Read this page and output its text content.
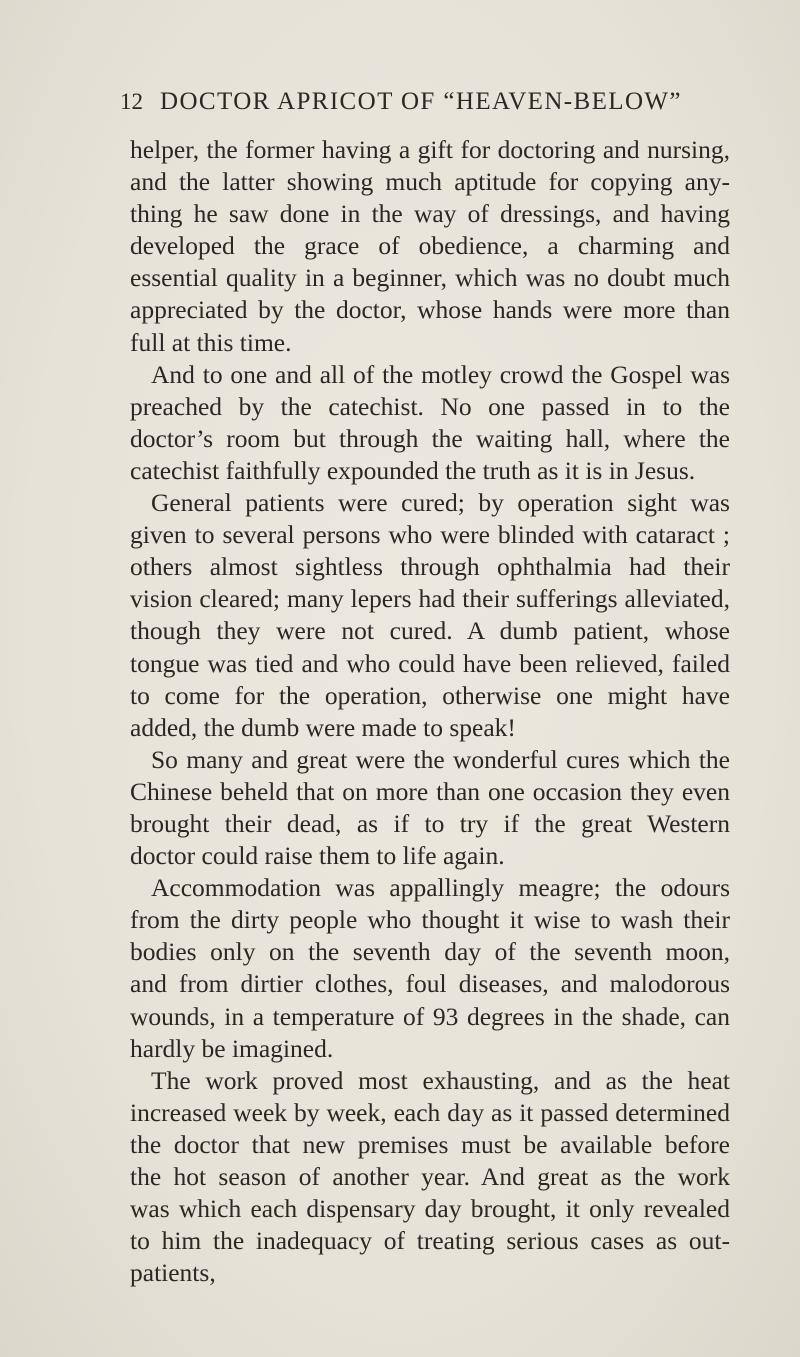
12 DOCTOR APRICOT OF “HEAVEN-BELOW”
helper, the former having a gift for doctoring and nursing,
and the latter showing much aptitude for copying any-
thing he saw done in the way of dressings, and having
developed the grace of obedience, a charming and
essential quality in a beginner, which was no doubt much
appreciated by the doctor, whose hands were more than
full at this time.
And to one and all of the motley crowd the Gospel was
preached by the catechist. No one passed in to the
doctor’s room but through the waiting hall, where the
catechist faithfully expounded the truth as it is in Jesus.
General patients were cured; by operation sight was
given to several persons who were blinded with cataract ;
others almost sightless through ophthalmia had their
vision cleared; many lepers had their sufferings alleviated,
though they were not cured. A dumb patient, whose
tongue was tied and who could have been relieved, failed
to come for the operation, otherwise one might have
added, the dumb were made to speak!
So many and great were the wonderful cures which the
Chinese beheld that on more than one occasion they even
brought their dead, as if to try if the great Western
doctor could raise them to life again.
Accommodation was appallingly meagre; the odours
from the dirty people who thought it wise to wash their
bodies only on the seventh day of the seventh moon,
and from dirtier clothes, foul diseases, and malodorous
wounds, in a temperature of 93 degrees in the shade, can
hardly be imagined.
The work proved most exhausting, and as the heat
increased week by week, each day as it passed determined
the doctor that new premises must be available before
the hot season of another year. And great as the work
was which each dispensary day brought, it only revealed
to him the inadequacy of treating serious cases as out-
patients,
